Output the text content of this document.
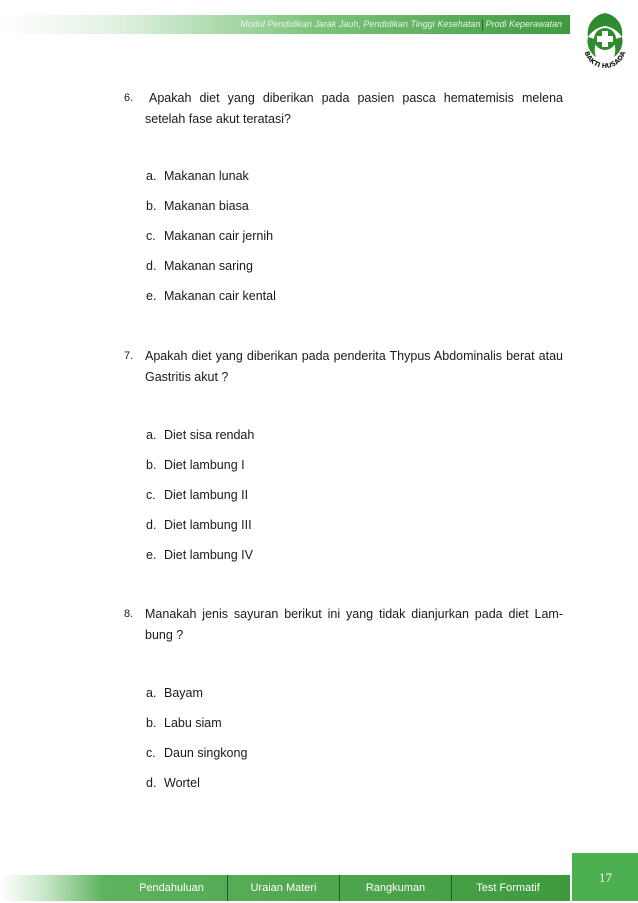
Modul Pendidikan Jarak Jauh, Pendidikan Tinggi Kesehatan Prodi Keperawatan
BAKTI HUSADA
6.	Apakah diet yang diberikan pada pasien pasca hematemisis melena setelah fase akut teratasi?
a. Makanan lunak
b. Makanan biasa
c. Makanan cair jernih
d. Makanan saring
e. Makanan cair kental
7. Apakah diet yang diberikan pada penderita Thypus Abdominalis berat atau Gastritis akut ?
a. Diet sisa rendah
b. Diet lambung I
c. Diet lambung II
d. Diet lambung III
e. Diet lambung IV
8. Manakah jenis sayuran berikut ini yang tidak dianjurkan pada diet Lam-bung ?
a. Bayam
b. Labu siam
c. Daun singkong
d. Wortel
Pendahuluan	Uraian Materi	Rangkuman	Test Formatif
17
